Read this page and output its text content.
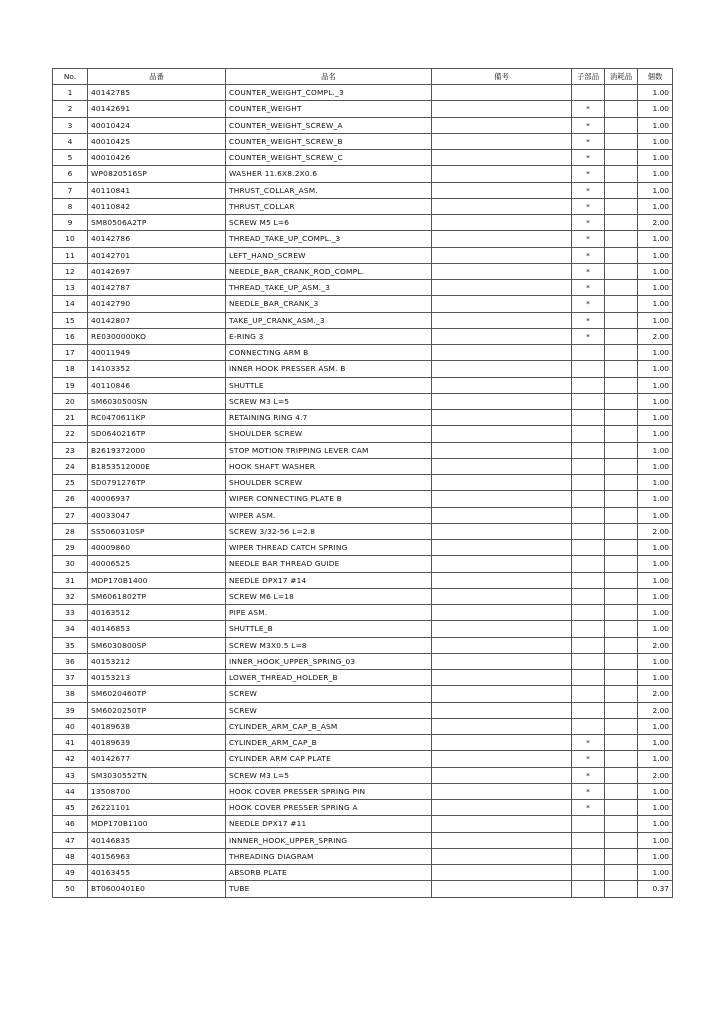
No.	品番	品名	備考	子部品	消耗品	個数
1	40142785	COUNTER_WEIGHT_COMPL._3				1.00
2	40142691	COUNTER_WEIGHT		*		1.00
3	40010424	COUNTER_WEIGHT_SCREW_A		*		1.00
4	40010425	COUNTER_WEIGHT_SCREW_B		*		1.00
5	40010426	COUNTER_WEIGHT_SCREW_C		*		1.00
6	WP0820516SP	WASHER 11.6X8.2X0.6		*		1.00
7	40110841	THRUST_COLLAR_ASM.		*		1.00
8	40110842	THRUST_COLLAR		*		1.00
9	SM80506A2TP	SCREW M5 L=6		*		2.00
10	40142786	THREAD_TAKE_UP_COMPL._3		*		1.00
11	40142701	LEFT_HAND_SCREW		*		1.00
12	40142697	NEEDLE_BAR_CRANK_ROD_COMPL.		*		1.00
13	40142787	THREAD_TAKE_UP_ASM._3		*		1.00
14	40142790	NEEDLE_BAR_CRANK_3		*		1.00
15	40142807	TAKE_UP_CRANK_ASM._3		*		1.00
16	RE0300000KO	E-RING 3		*		2.00
17	40011949	CONNECTING ARM B				1.00
18	14103352	INNER HOOK PRESSER ASM. B				1.00
19	40110846	SHUTTLE				1.00
20	SM6030500SN	SCREW M3 L=5				1.00
21	RC0470611KP	RETAINING RING 4.7				1.00
22	SD0640216TP	SHOULDER SCREW				1.00
23	B2619372000	STOP MOTION TRIPPING LEVER CAM				1.00
24	B1853512000E	HOOK SHAFT WASHER				1.00
25	SD0791276TP	SHOULDER SCREW				1.00
26	40006937	WIPER CONNECTING PLATE B				1.00
27	40033047	WIPER ASM.				1.00
28	SS5060310SP	SCREW 3/32-56 L=2.8				2.00
29	40009860	WIPER THREAD CATCH SPRING				1.00
30	40006525	NEEDLE BAR THREAD GUIDE				1.00
31	MDP170B1400	NEEDLE DPX17 #14				1.00
32	SM6061802TP	SCREW M6 L=18				1.00
33	40163512	PIPE ASM.				1.00
34	40146853	SHUTTLE_B				1.00
35	SM6030800SP	SCREW M3X0.5 L=8				2.00
36	40153212	INNER_HOOK_UPPER_SPRING_03				1.00
37	40153213	LOWER_THREAD_HOLDER_B				1.00
38	SM6020460TP	SCREW				2.00
39	SM6020250TP	SCREW				2.00
40	40189638	CYLINDER_ARM_CAP_B_ASM				1.00
41	40189639	CYLINDER_ARM_CAP_B		*		1.00
42	40142677	CYLINDER ARM CAP PLATE		*		1.00
43	SM3030552TN	SCREW M3 L=5		*		2.00
44	13508700	HOOK COVER PRESSER SPRING PIN		*		1.00
45	26221101	HOOK COVER PRESSER SPRING A		*		1.00
46	MDP170B1100	NEEDLE DPX17 #11				1.00
47	40146835	INNNER_HOOK_UPPER_SPRING				1.00
48	40156963	THREADING DIAGRAM				1.00
49	40163455	ABSORB PLATE				1.00
50	BT0600401E0	TUBE				0.37
